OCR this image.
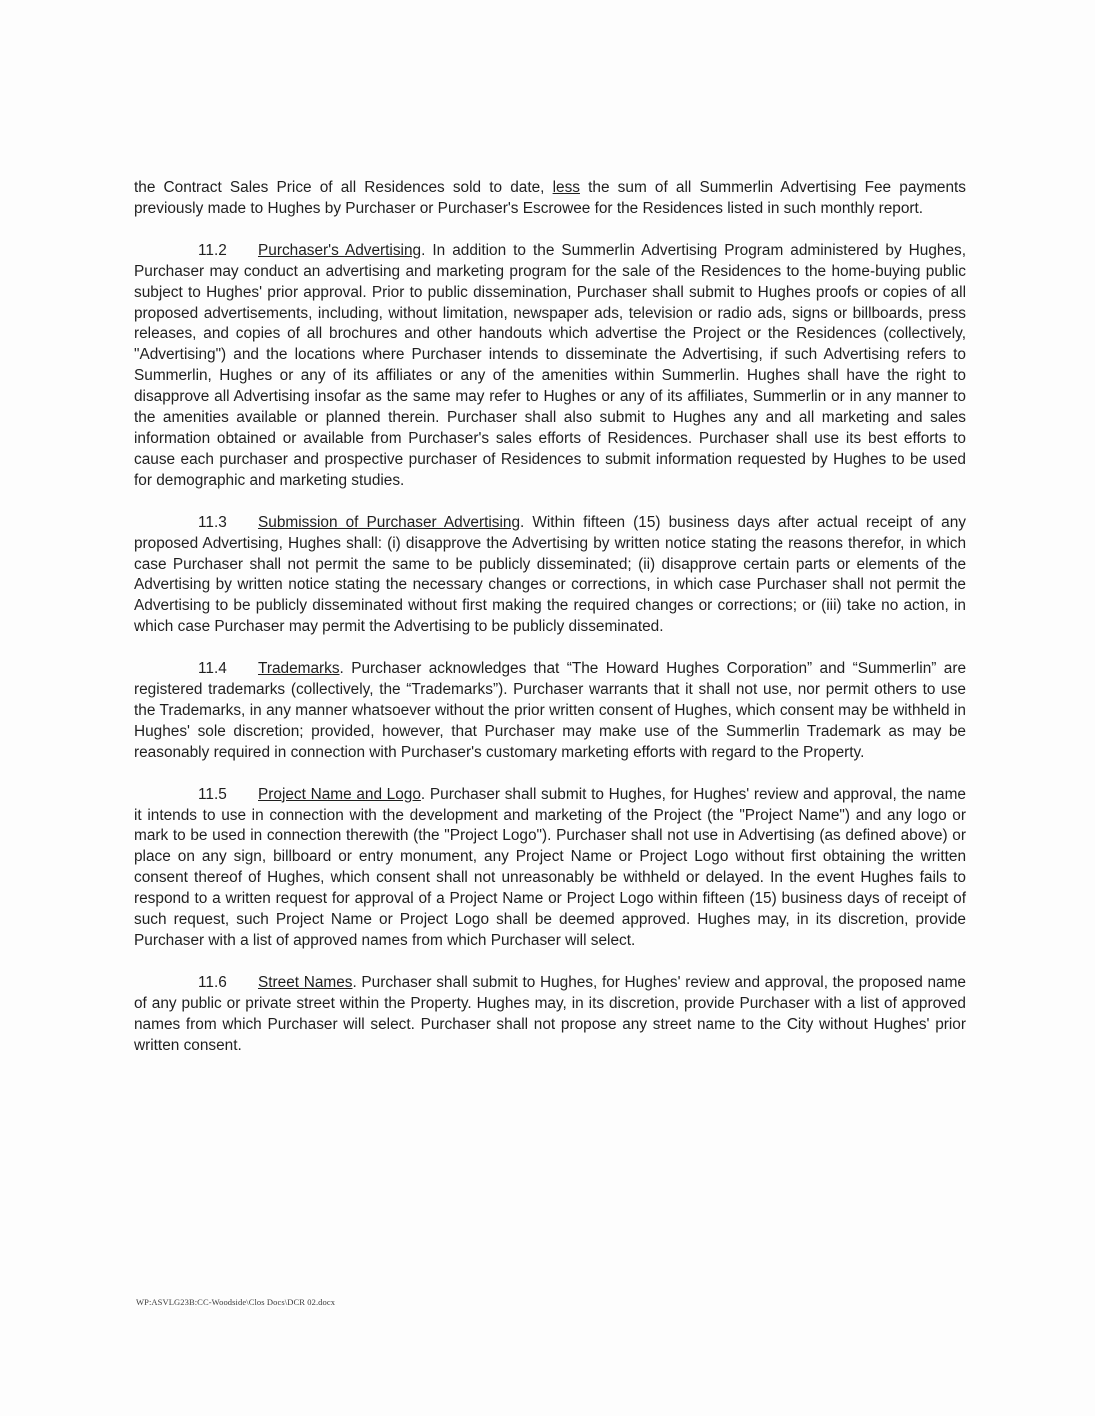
the Contract Sales Price of all Residences sold to date, less the sum of all Summerlin Advertising Fee payments previously made to Hughes by Purchaser or Purchaser's Escrowee for the Residences listed in such monthly report.

11.2 Purchaser's Advertising. In addition to the Summerlin Advertising Program administered by Hughes, Purchaser may conduct an advertising and marketing program for the sale of the Residences to the home-buying public subject to Hughes' prior approval. Prior to public dissemination, Purchaser shall submit to Hughes proofs or copies of all proposed advertisements, including, without limitation, newspaper ads, television or radio ads, signs or billboards, press releases, and copies of all brochures and other handouts which advertise the Project or the Residences (collectively, "Advertising") and the locations where Purchaser intends to disseminate the Advertising, if such Advertising refers to Summerlin, Hughes or any of its affiliates or any of the amenities within Summerlin. Hughes shall have the right to disapprove all Advertising insofar as the same may refer to Hughes or any of its affiliates, Summerlin or in any manner to the amenities available or planned therein. Purchaser shall also submit to Hughes any and all marketing and sales information obtained or available from Purchaser's sales efforts of Residences. Purchaser shall use its best efforts to cause each purchaser and prospective purchaser of Residences to submit information requested by Hughes to be used for demographic and marketing studies.

11.3 Submission of Purchaser Advertising. Within fifteen (15) business days after actual receipt of any proposed Advertising, Hughes shall: (i) disapprove the Advertising by written notice stating the reasons therefor, in which case Purchaser shall not permit the same to be publicly disseminated; (ii) disapprove certain parts or elements of the Advertising by written notice stating the necessary changes or corrections, in which case Purchaser shall not permit the Advertising to be publicly disseminated without first making the required changes or corrections; or (iii) take no action, in which case Purchaser may permit the Advertising to be publicly disseminated.

11.4 Trademarks. Purchaser acknowledges that “The Howard Hughes Corporation” and “Summerlin” are registered trademarks (collectively, the “Trademarks”). Purchaser warrants that it shall not use, nor permit others to use the Trademarks, in any manner whatsoever without the prior written consent of Hughes, which consent may be withheld in Hughes' sole discretion; provided, however, that Purchaser may make use of the Summerlin Trademark as may be reasonably required in connection with Purchaser's customary marketing efforts with regard to the Property.

11.5 Project Name and Logo. Purchaser shall submit to Hughes, for Hughes' review and approval, the name it intends to use in connection with the development and marketing of the Project (the "Project Name") and any logo or mark to be used in connection therewith (the "Project Logo"). Purchaser shall not use in Advertising (as defined above) or place on any sign, billboard or entry monument, any Project Name or Project Logo without first obtaining the written consent thereof of Hughes, which consent shall not unreasonably be withheld or delayed. In the event Hughes fails to respond to a written request for approval of a Project Name or Project Logo within fifteen (15) business days of receipt of such request, such Project Name or Project Logo shall be deemed approved. Hughes may, in its discretion, provide Purchaser with a list of approved names from which Purchaser will select.

11.6 Street Names. Purchaser shall submit to Hughes, for Hughes' review and approval, the proposed name of any public or private street within the Property. Hughes may, in its discretion, provide Purchaser with a list of approved names from which Purchaser will select. Purchaser shall not propose any street name to the City without Hughes' prior written consent.

WP:ASVLG23B:CC-Woodside\Clos Docs\DCR 02.docx
